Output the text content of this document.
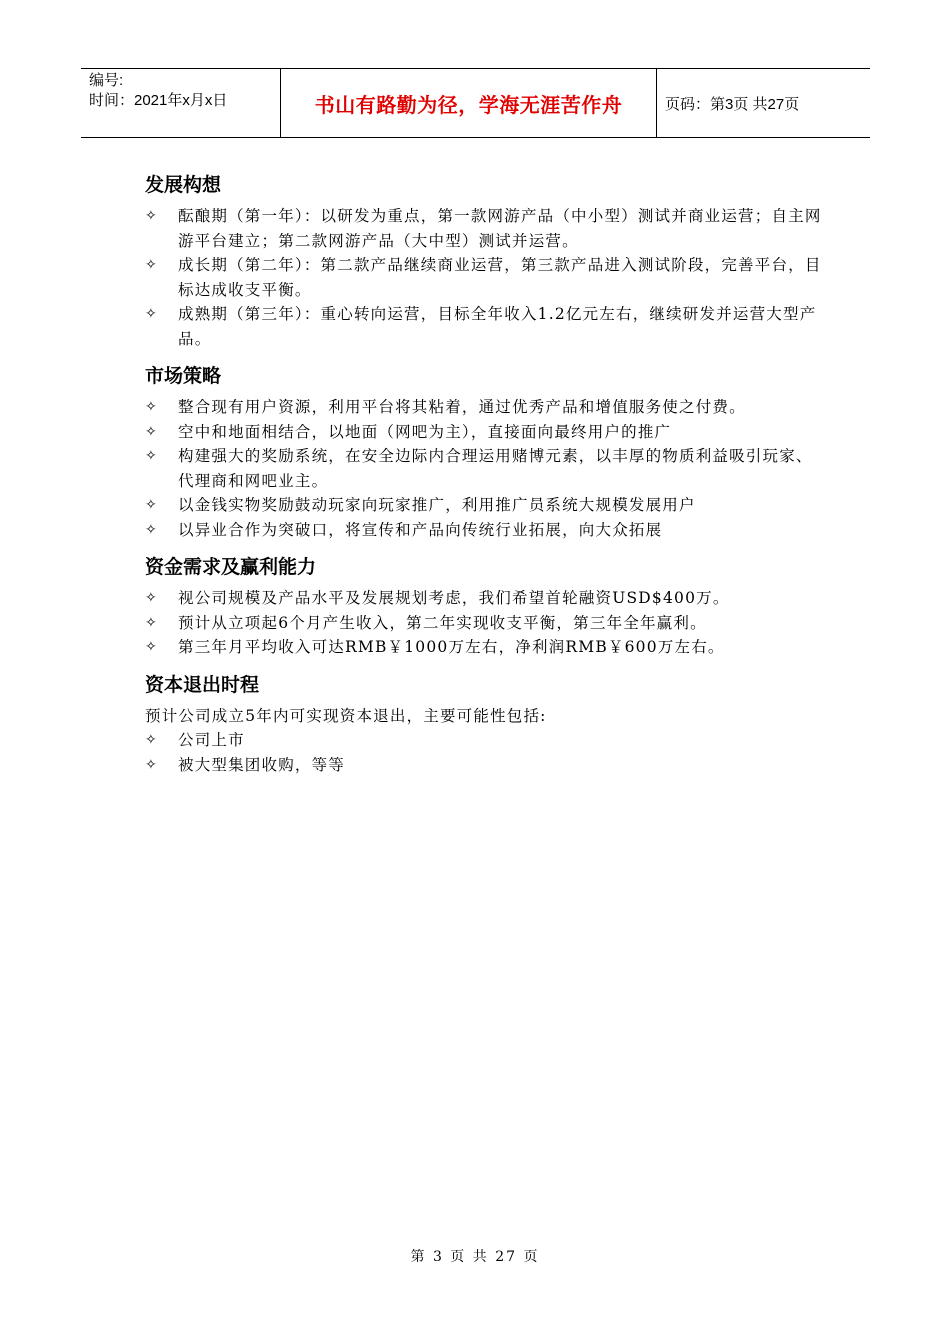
编号:
时间：2021年x月x日	书山有路勤为径，学海无涯苦作舟	页码：第3页 共27页
发展构想
✧ 酝酿期（第一年）：以研发为重点，第一款网游产品（中小型）测试并商业运营；自主网游平台建立；第二款网游产品（大中型）测试并运营。
✧ 成长期（第二年）：第二款产品继续商业运营，第三款产品进入测试阶段，完善平台，目标达成收支平衡。
✧ 成熟期（第三年）：重心转向运营，目标全年收入1.2亿元左右，继续研发并运营大型产品。
市场策略
✧ 整合现有用户资源，利用平台将其粘着，通过优秀产品和增值服务使之付费。
✧ 空中和地面相结合，以地面（网吧为主），直接面向最终用户的推广
✧ 构建强大的奖励系统，在安全边际内合理运用赌博元素，以丰厚的物质利益吸引玩家、代理商和网吧业主。
✧ 以金钱实物奖励鼓动玩家向玩家推广，利用推广员系统大规模发展用户
✧ 以异业合作为突破口，将宣传和产品向传统行业拓展，向大众拓展
资金需求及赢利能力
✧ 视公司规模及产品水平及发展规划考虑，我们希望首轮融资USD$400万。
✧ 预计从立项起6个月产生收入，第二年实现收支平衡，第三年全年赢利。
✧ 第三年月平均收入可达RMB￥1000万左右，净利润RMB￥600万左右。
资本退出时程
预计公司成立5年内可实现资本退出，主要可能性包括:
✧ 公司上市
✧ 被大型集团收购，等等
第 3 页 共 27 页
